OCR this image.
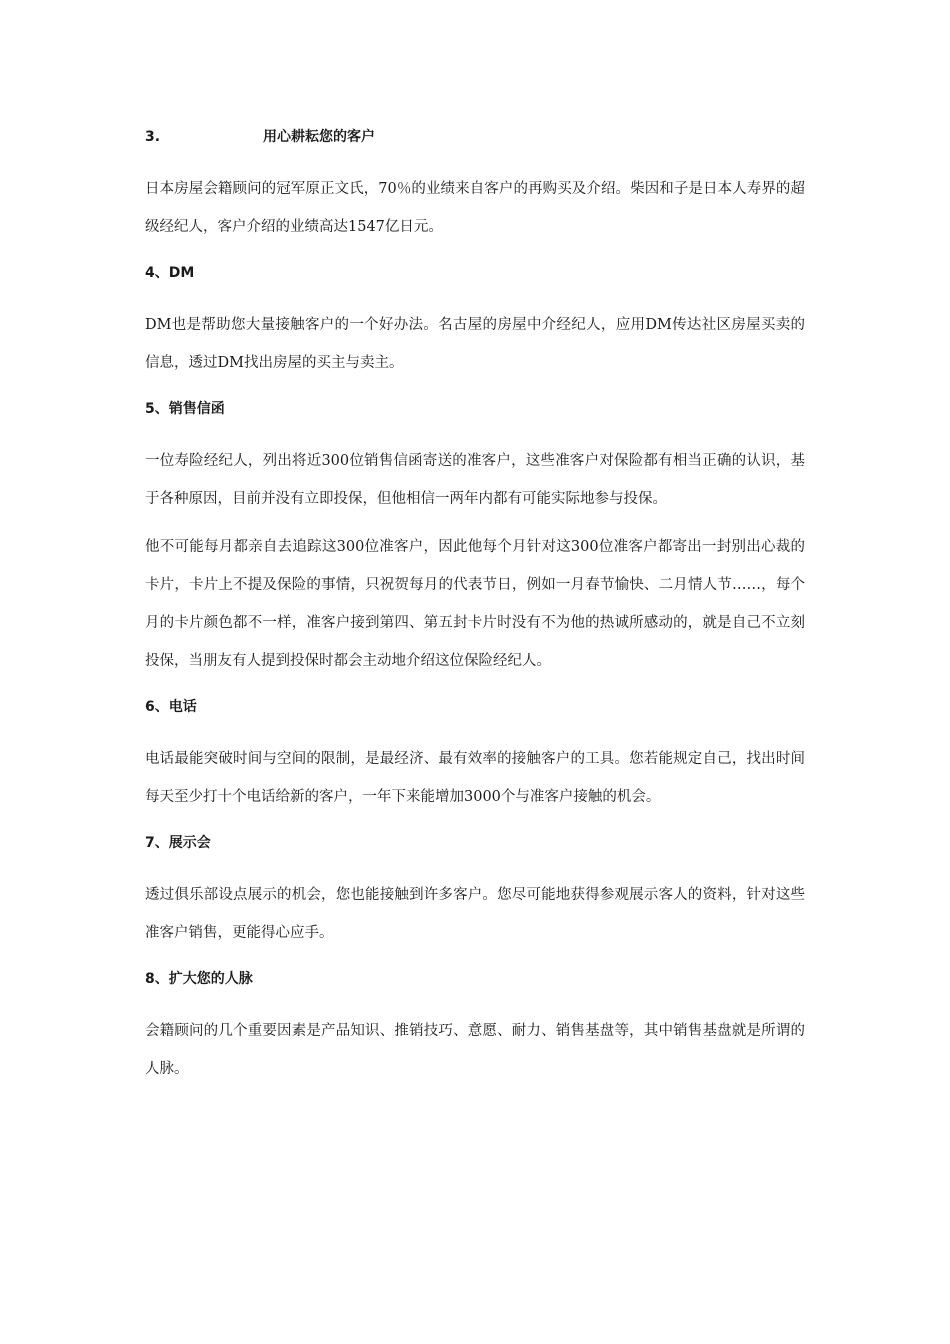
3.	用心耕耘您的客户

日本房屋会籍顾问的冠军原正文氏，70％的业绩来自客户的再购买及介绍。柴因和子是日本人寿界的超级经纪人，客户介绍的业绩高达1547亿日元。

4、DM

DM也是帮助您大量接触客户的一个好办法。名古屋的房屋中介经纪人，应用DM传达社区房屋买卖的信息，透过DM找出房屋的买主与卖主。

5、销售信函

一位寿险经纪人，列出将近300位销售信函寄送的准客户，这些准客户对保险都有相当正确的认识，基于各种原因，目前并没有立即投保，但他相信一两年内都有可能实际地参与投保。

他不可能每月都亲自去追踪这300位准客户，因此他每个月针对这300位准客户都寄出一封别出心裁的卡片，卡片上不提及保险的事情，只祝贺每月的代表节日，例如一月春节愉快、二月情人节……，每个月的卡片颜色都不一样，准客户接到第四、第五封卡片时没有不为他的热诚所感动的，就是自己不立刻投保，当朋友有人提到投保时都会主动地介绍这位保险经纪人。

6、电话

电话最能突破时间与空间的限制，是最经济、最有效率的接触客户的工具。您若能规定自己，找出时间每天至少打十个电话给新的客户，一年下来能增加3000个与准客户接触的机会。

7、展示会

透过俱乐部设点展示的机会，您也能接触到许多客户。您尽可能地获得参观展示客人的资料，针对这些准客户销售，更能得心应手。

8、扩大您的人脉

会籍顾问的几个重要因素是产品知识、推销技巧、意愿、耐力、销售基盘等，其中销售基盘就是所谓的人脉。
